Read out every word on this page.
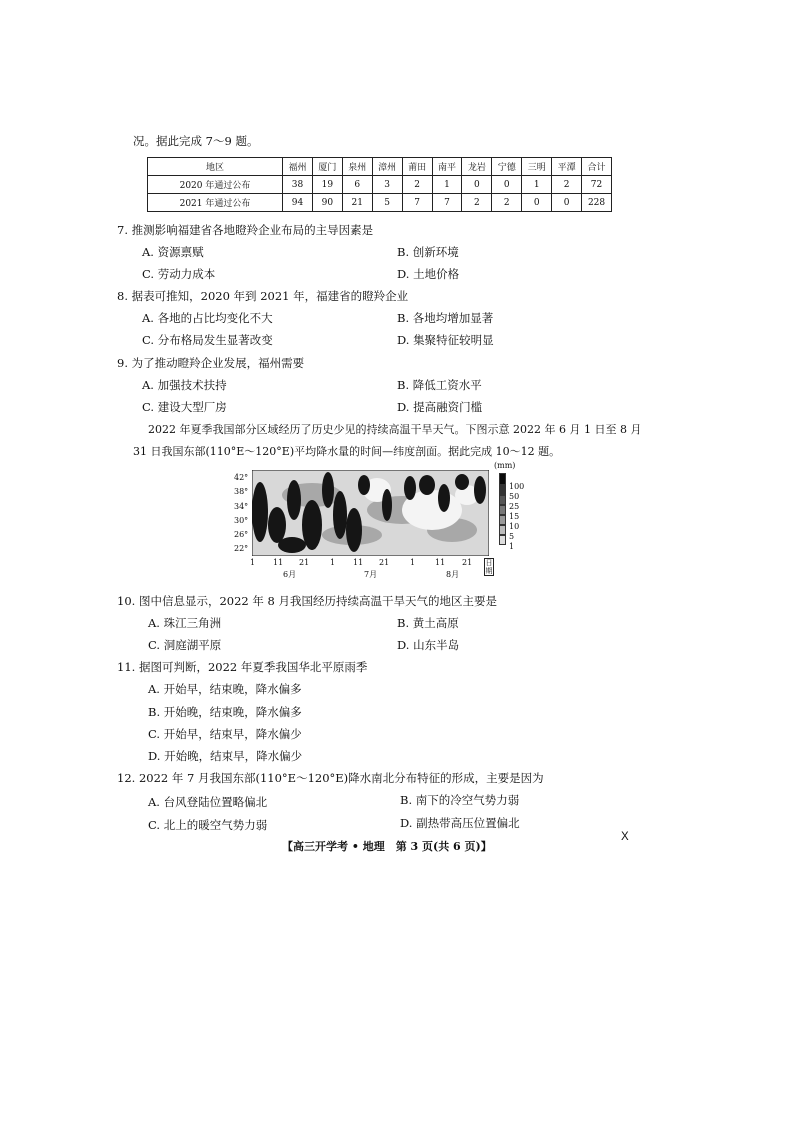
况。据此完成 7～9 题。
地区	福州	厦门	泉州	漳州	莆田	南平	龙岩	宁德	三明	平潭	合计
2020 年通过公布	38	19	6	3	2	1	0	0	1	2	72
2021 年通过公布	94	90	21	5	7	7	2	2	0	0	228
7. 推测影响福建省各地瞪羚企业布局的主导因素是
A. 资源禀赋	B. 创新环境
C. 劳动力成本	D. 土地价格
8. 据表可推知，2020 年到 2021 年，福建省的瞪羚企业
A. 各地的占比均变化不大	B. 各地均增加显著
C. 分布格局发生显著改变	D. 集聚特征较明显
9. 为了推动瞪羚企业发展，福州需要
A. 加强技术扶持	B. 降低工资水平
C. 建设大型厂房	D. 提高融资门槛
2022 年夏季我国部分区域经历了历史少见的持续高温干旱天气。下图示意 2022 年 6 月 1 日至 8 月
31 日我国东部(110°E～120°E)平均降水量的时间—纬度剖面。据此完成 10～12 题。
42°
38°
34°
30°
26°
22°
100
50
25
15
10
5
1
(mm)
1 11 21	1 11 21	1 11 21
6月	7月	8月
日期
10. 图中信息显示，2022 年 8 月我国经历持续高温干旱天气的地区主要是
A. 珠江三角洲	B. 黄土高原
C. 洞庭湖平原	D. 山东半岛
11. 据图可判断，2022 年夏季我国华北平原雨季
A. 开始早，结束晚，降水偏多
B. 开始晚，结束晚，降水偏多
C. 开始早，结束早，降水偏少
D. 开始晚，结束早，降水偏少
12. 2022 年 7 月我国东部(110°E～120°E)降水南北分布特征的形成，主要是因为
A. 台风登陆位置略偏北	B. 南下的冷空气势力弱
C. 北上的暖空气势力弱	D. 副热带高压位置偏北
X
【高三开学考 • 地理　第 3 页(共 6 页)】
